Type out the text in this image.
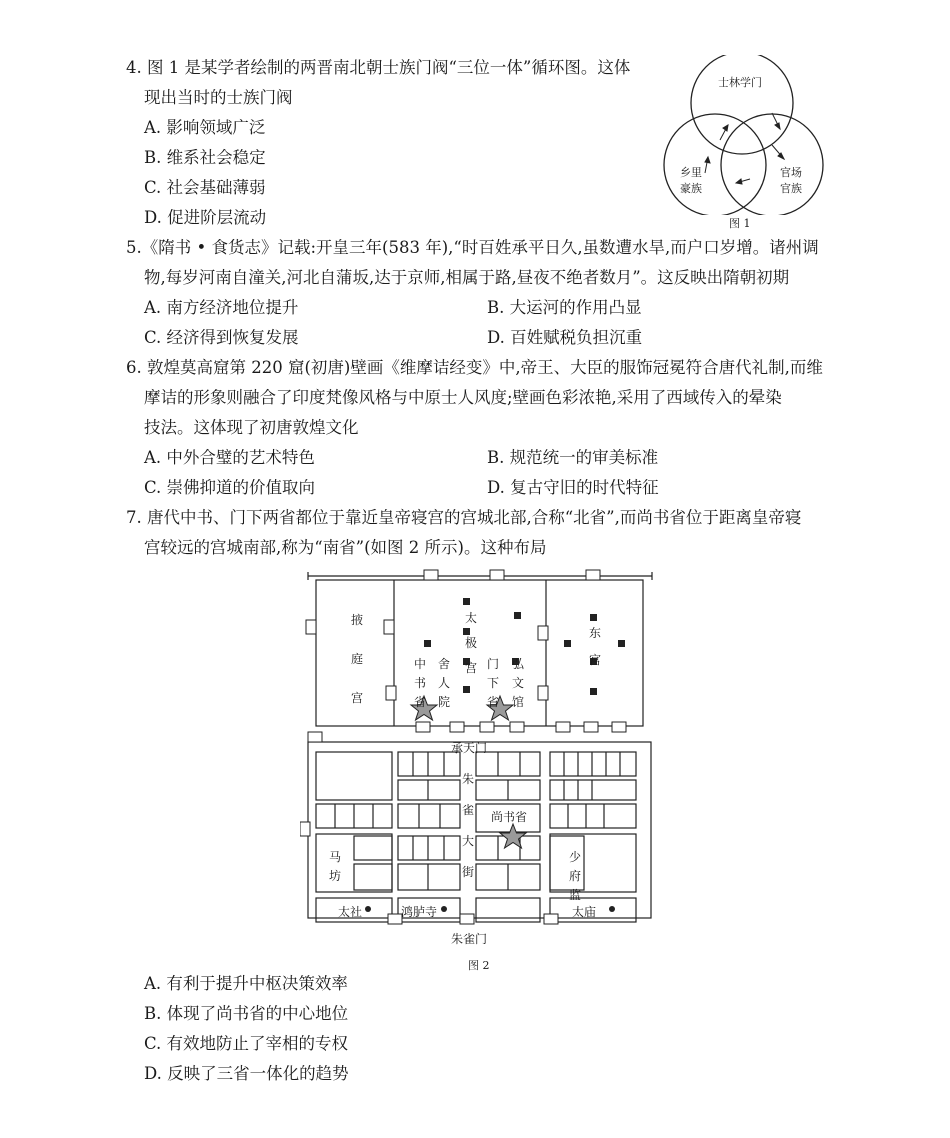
4. 图 1 是某学者绘制的两晋南北朝士族门阀“三位一体”循环图。这体
现出当时的士族门阀
A. 影响领域广泛
B. 维系社会稳定
C. 社会基础薄弱
D. 促进阶层流动
士林学门
乡里
豪族
官场
官族
图 1
5.《隋书 • 食货志》记载:开皇三年(583 年),“时百姓承平日久,虽数遭水旱,而户口岁增。诸州调
物,每岁河南自潼关,河北自蒲坂,达于京师,相属于路,昼夜不绝者数月”。这反映出隋朝初期
A. 南方经济地位提升	B. 大运河的作用凸显
C. 经济得到恢复发展	D. 百姓赋税负担沉重
6. 敦煌莫高窟第 220 窟(初唐)壁画《维摩诘经变》中,帝王、大臣的服饰冠冕符合唐代礼制,而维
摩诘的形象则融合了印度梵像风格与中原士人风度;壁画色彩浓艳,采用了西域传入的晕染
技法。这体现了初唐敦煌文化
A. 中外合璧的艺术特色	B. 规范统一的审美标准
C. 崇佛抑道的价值取向	D. 复古守旧的时代特征
7. 唐代中书、门下两省都位于靠近皇帝寝宫的宫城北部,合称“北省”,而尚书省位于距离皇帝寝
宫较远的宫城南部,称为“南省”(如图 2 所示)。这种布局
掖庭宫
太极宫
东宫
中书省
舍人院
门下省
弘文馆
承天门
朱雀大街
尚书省
马坊
少府监
太社	鸿胪寺	太庙
朱雀门
图 2
A. 有利于提升中枢决策效率
B. 体现了尚书省的中心地位
C. 有效地防止了宰相的专权
D. 反映了三省一体化的趋势
